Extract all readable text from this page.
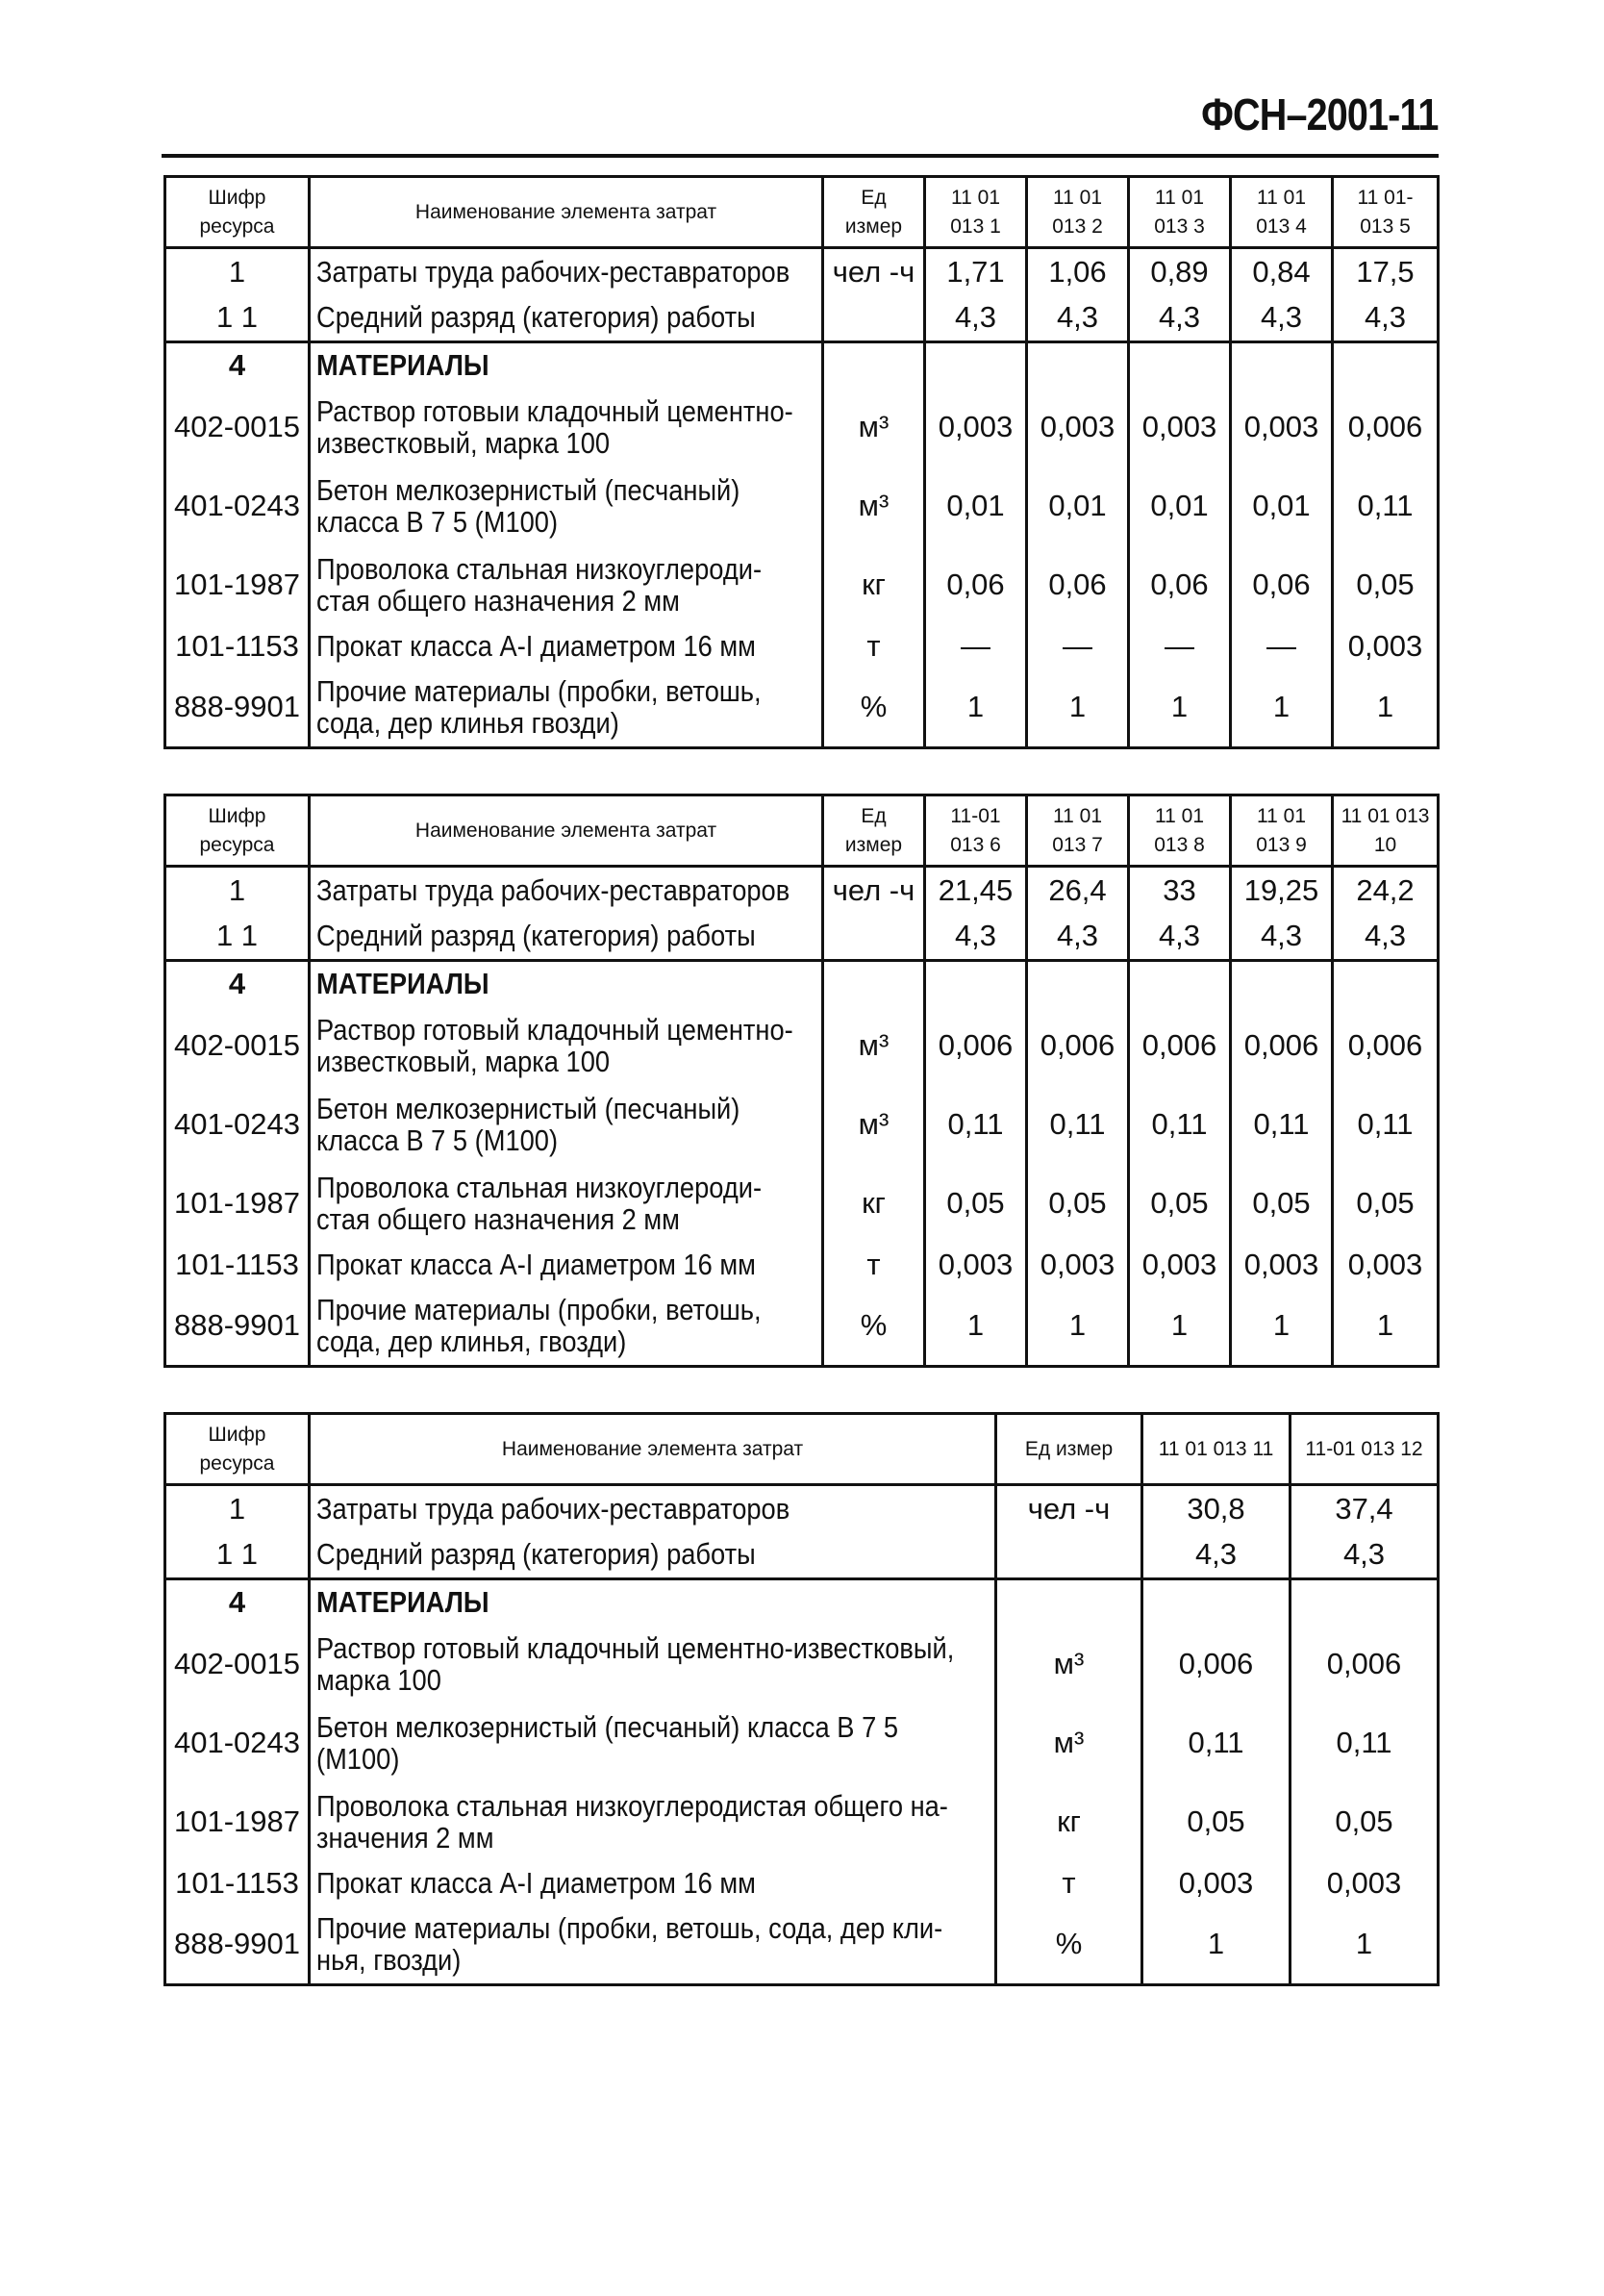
ФСН–2001-11
Шифр ресурса	Наименование элемента затрат	Ед измер	11 01 013 1	11 01 013 2	11 01 013 3	11 01 013 4	11 01- 013 5
1	Затраты труда рабочих-реставраторов	чел -ч	1,71	1,06	0,89	0,84	17,5
1 1	Средний разряд (категория) работы		4,3	4,3	4,3	4,3	4,3
4	МАТЕРИАЛЫ						

402-0015	Раствор готовыи кладочный цементно-известковый, марка 100	м³	0,003	0,003	0,003	0,003	0,006
401-0243	Бетон мелкозернистый (песчаный) класса В 7 5 (М100)	м³	0,01	0,01	0,01	0,01	0,11
101-1987	Проволока стальная низкоуглероди-стая общего назначения 2 мм	кг	0,06	0,06	0,06	0,06	0,05
101-1153	Прокат класса А-I диаметром 16 мм	т	—	—	—	—	0,003
888-9901	Прочие материалы (пробки, ветошь, сода, дер клинья гвозди)	%	1	1	1	1	1
Шифр ресурса	Наименование элемента затрат	Ед измер	11-01 013 6	11 01 013 7	11 01 013 8	11 01 013 9	11 01 013 10
1	Затраты труда рабочих-реставраторов	чел -ч	21,45	26,4	33	19,25	24,2
1 1	Средний разряд (категория) работы		4,3	4,3	4,3	4,3	4,3
4	МАТЕРИАЛЫ						

402-0015	Раствор готовый кладочный цементно-известковый, марка 100	м³	0,006	0,006	0,006	0,006	0,006
401-0243	Бетон мелкозернистый (песчаный) класса В 7 5 (М100)	м³	0,11	0,11	0,11	0,11	0,11
101-1987	Проволока стальная низкоуглероди-стая общего назначения 2 мм	кг	0,05	0,05	0,05	0,05	0,05
101-1153	Прокат класса А-I диаметром 16 мм	т	0,003	0,003	0,003	0,003	0,003
888-9901	Прочие материалы (пробки, ветошь, сода, дер клинья, гвозди)	%	1	1	1	1	1
Шифр ресурса	Наименование элемента затрат	Ед измер	11 01 013 11	11-01 013 12
1	Затраты труда рабочих-реставраторов	чел -ч	30,8	37,4
1 1	Средний разряд (категория) работы		4,3	4,3
4	МАТЕРИАЛЫ			

402-0015	Раствор готовый кладочный цементно-известковый, марка 100	м³	0,006	0,006
401-0243	Бетон мелкозернистый (песчаный) класса В 7 5 (М100)	м³	0,11	0,11
101-1987	Проволока стальная низкоуглеродистая общего на-значения 2 мм	кг	0,05	0,05
101-1153	Прокат класса А-I диаметром 16 мм	т	0,003	0,003
888-9901	Прочие материалы (пробки, ветошь, сода, дер кли-нья, гвозди)	%	1	1
